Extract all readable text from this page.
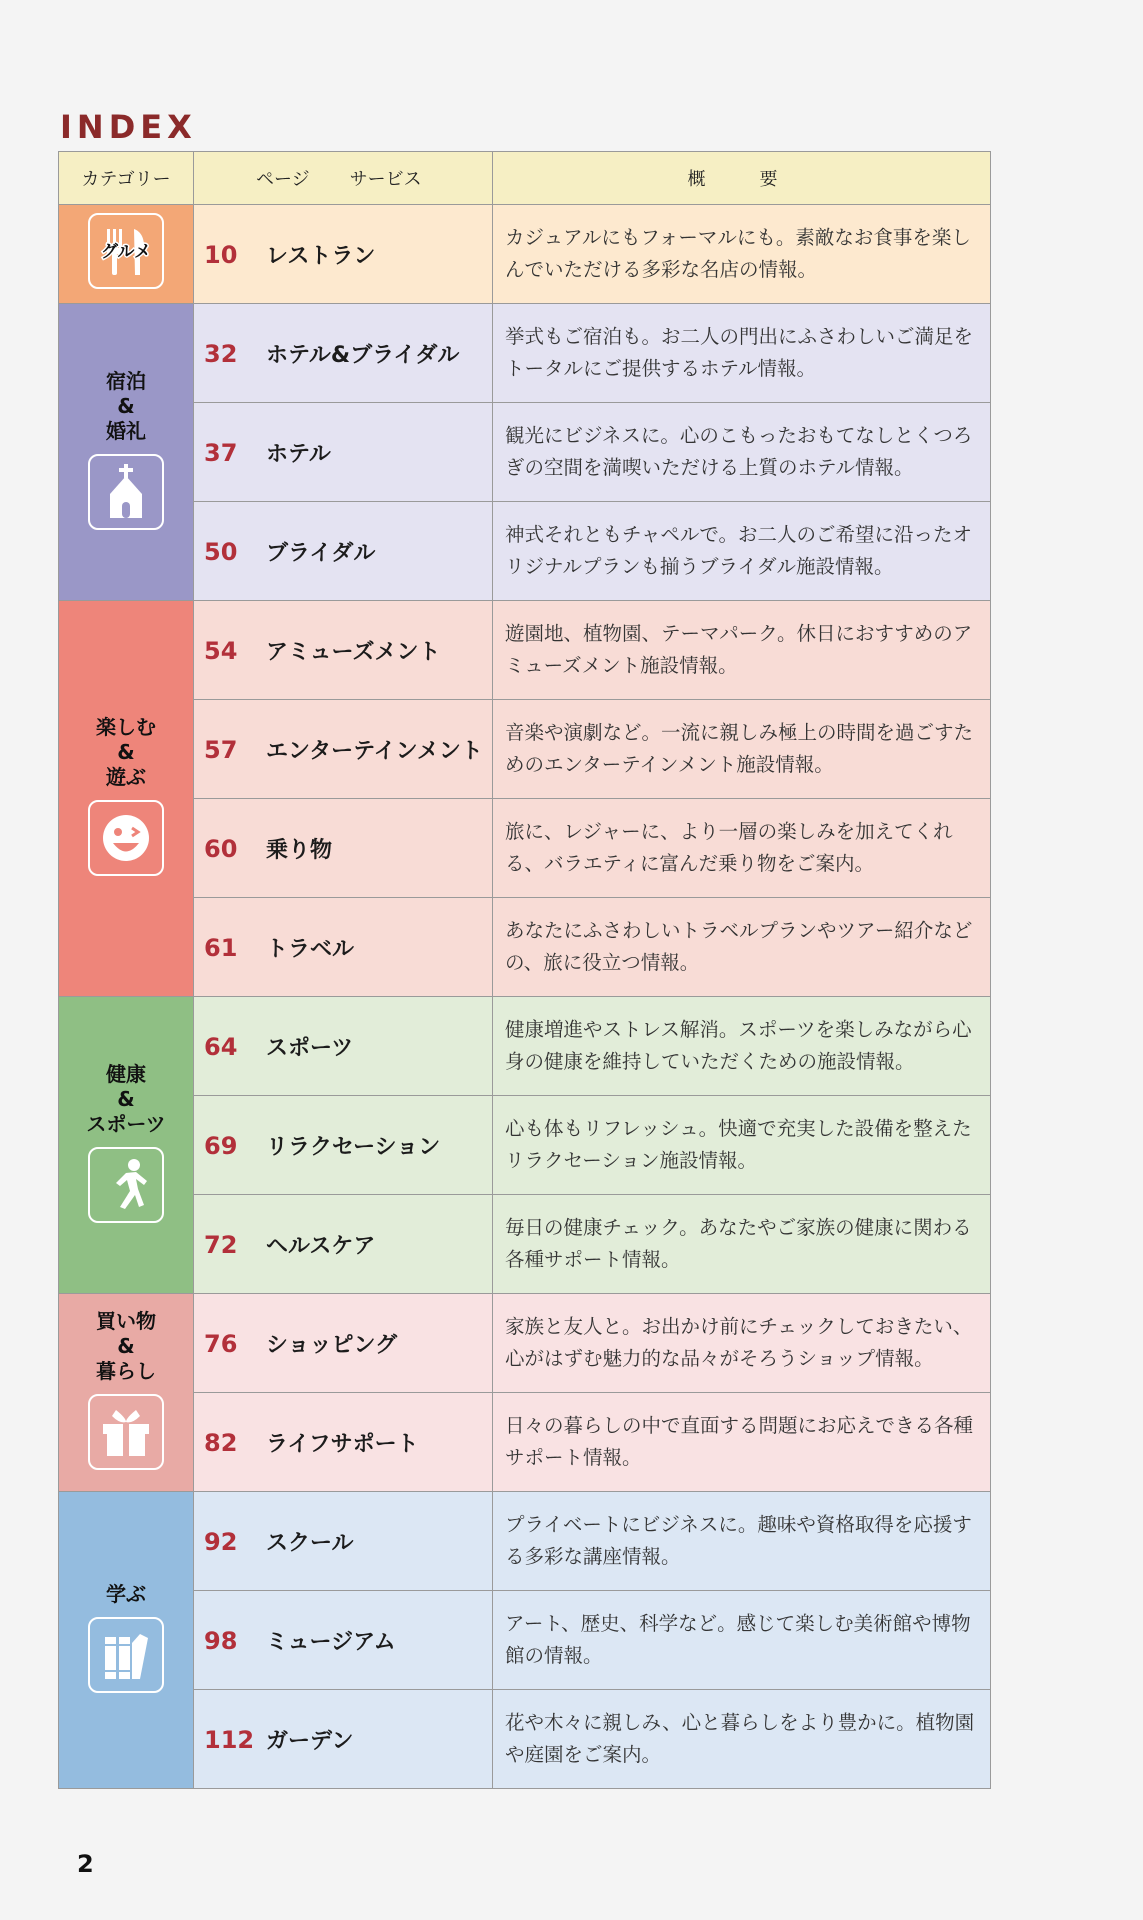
INDEX
カテゴリー	ページ サービス	概　要

グルメ	10 レストラン	カジュアルにもフォーマルにも。素敵なお食事を楽しんでいただける多彩な名店の情報。

宿泊
&
婚礼	32 ホテル&ブライダル	挙式もご宿泊も。お二人の門出にふさわしいご満足をトータルにご提供するホテル情報。
	37 ホテル	観光にビジネスに。心のこもったおもてなしとくつろぎの空間を満喫いただける上質のホテル情報。
	50 ブライダル	神式それともチャペルで。お二人のご希望に沿ったオリジナルプランも揃うブライダル施設情報。

楽しむ
&
遊ぶ	54 アミューズメント	遊園地、植物園、テーマパーク。休日におすすめのアミューズメント施設情報。
	57 エンターテインメント	音楽や演劇など。一流に親しみ極上の時間を過ごすためのエンターテインメント施設情報。
	60 乗り物	旅に、レジャーに、より一層の楽しみを加えてくれる、バラエティに富んだ乗り物をご案内。
	61 トラベル	あなたにふさわしいトラベルプランやツアー紹介などの、旅に役立つ情報。

健康
&
スポーツ	64 スポーツ	健康増進やストレス解消。スポーツを楽しみながら心身の健康を維持していただくための施設情報。
	69 リラクセーション	心も体もリフレッシュ。快適で充実した設備を整えたリラクセーション施設情報。
	72 ヘルスケア	毎日の健康チェック。あなたやご家族の健康に関わる各種サポート情報。

買い物
&
暮らし	76 ショッピング	家族と友人と。お出かけ前にチェックしておきたい、心がはずむ魅力的な品々がそろうショップ情報。
	82 ライフサポート	日々の暮らしの中で直面する問題にお応えできる各種サポート情報。

学ぶ	92 スクール	プライベートにビジネスに。趣味や資格取得を応援する多彩な講座情報。
	98 ミュージアム	アート、歴史、科学など。感じて楽しむ美術館や博物館の情報。
	112 ガーデン	花や木々に親しみ、心と暮らしをより豊かに。植物園や庭園をご案内。
2
